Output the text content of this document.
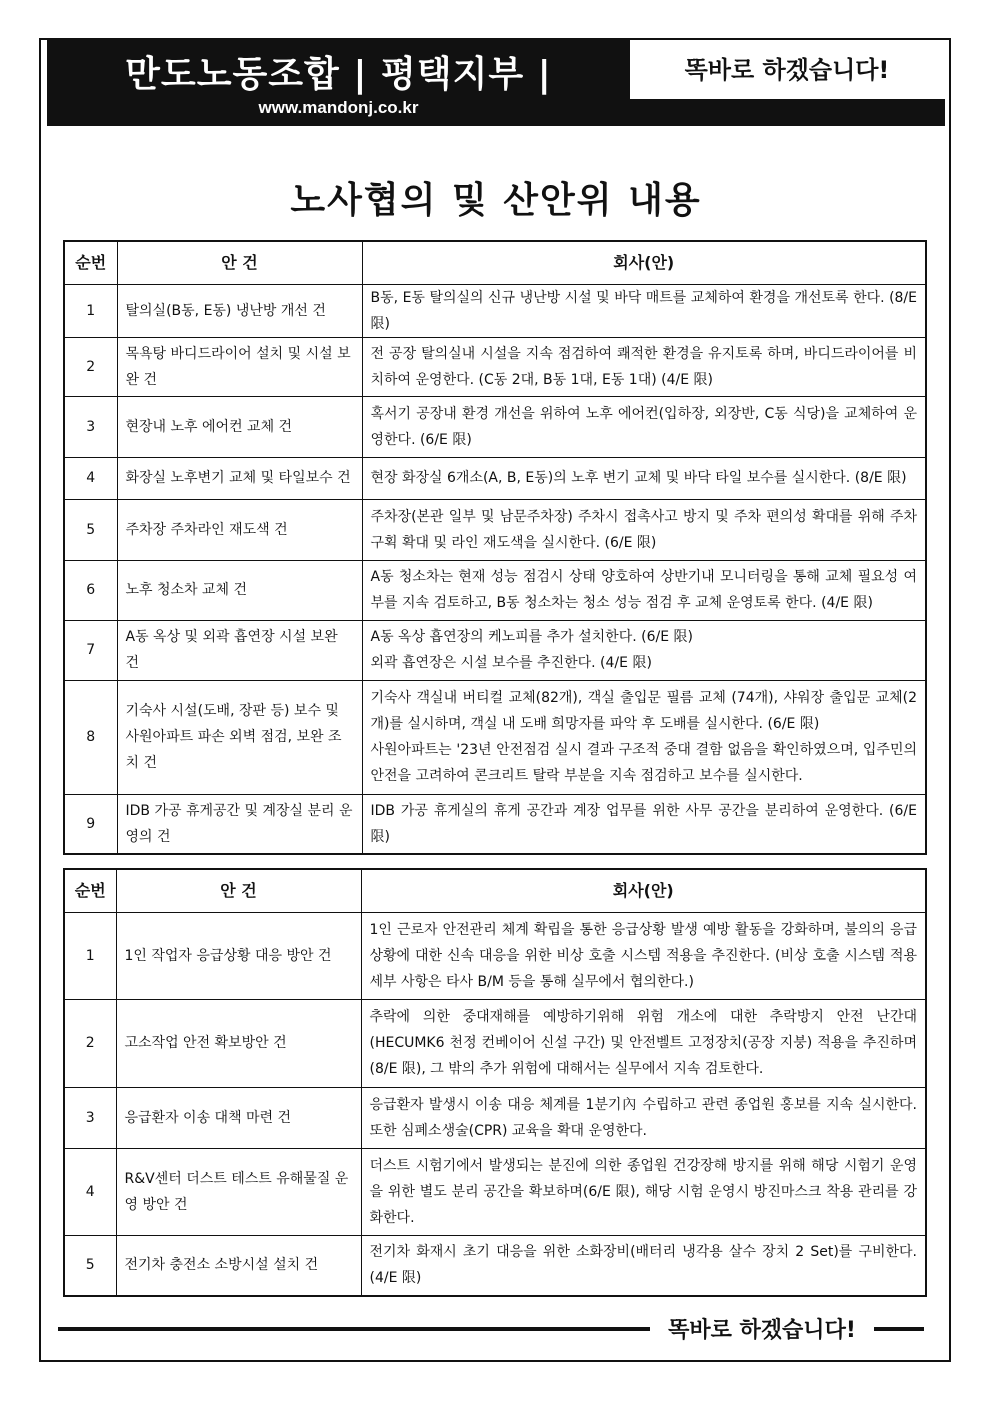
만도노동조합 | 평택지부 |
www.mandonj.co.kr
똑바로 하겠습니다!
노사협의 및 산안위 내용
순번	안 건	회사(안)
1	탈의실(B동, E동) 냉난방 개선 건	B동, E동 탈의실의 신규 냉난방 시설 및 바닥 매트를 교체하여 환경을 개선토록 한다. (8/E 限)
2	목욕탕 바디드라이어 설치 및 시설 보완 건	전 공장 탈의실내 시설을 지속 점검하여 쾌적한 환경을 유지토록 하며, 바디드라이어를 비치하여 운영한다. (C동 2대, B동 1대, E동 1대) (4/E 限)
3	현장내 노후 에어컨 교체 건	혹서기 공장내 환경 개선을 위하여 노후 에어컨(입하장, 외장반, C동 식당)을 교체하여 운영한다. (6/E 限)
4	화장실 노후변기 교체 및 타일보수 건	현장 화장실 6개소(A, B, E동)의 노후 변기 교체 및 바닥 타일 보수를 실시한다. (8/E 限)
5	주차장 주차라인 재도색 건	주차장(본관 일부 및 남문주차장) 주차시 접촉사고 방지 및 주차 편의성 확대를 위해 주차구획 확대 및 라인 재도색을 실시한다. (6/E 限)
6	노후 청소차 교체 건	A동 청소차는 현재 성능 점검시 상태 양호하여 상반기내 모니터링을 통해 교체 필요성 여부를 지속 검토하고, B동 청소차는 청소 성능 점검 후 교체 운영토록 한다. (4/E 限)
7	A동 옥상 및 외곽 흡연장 시설 보완 건	A동 옥상 흡연장의 케노피를 추가 설치한다. (6/E 限)
외곽 흡연장은 시설 보수를 추진한다. (4/E 限)

8	기숙사 시설(도배, 장판 등) 보수 및 사원아파트 파손 외벽 점검, 보완 조치 건	기숙사 객실내 버티컬 교체(82개), 객실 출입문 필름 교체 (74개), 샤워장 출입문 교체(2개)를 실시하며, 객실 내 도배 희망자를 파악 후 도배를 실시한다. (6/E 限)
사원아파트는 '23년 안전점검 실시 결과 구조적 중대 결함 없음을 확인하였으며, 입주민의 안전을 고려하여 콘크리트 탈락 부분을 지속 점검하고 보수를 실시한다.

9	IDB 가공 휴게공간 및 계장실 분리 운영의 건	IDB 가공 휴게실의 휴게 공간과 계장 업무를 위한 사무 공간을 분리하여 운영한다. (6/E限)
순번	안 건	회사(안)
1	1인 작업자 응급상황 대응 방안 건	1인 근로자 안전관리 체계 확립을 통한 응급상황 발생 예방 활동을 강화하며, 불의의 응급상황에 대한 신속 대응을 위한 비상 호출 시스템 적용을 추진한다. (비상 호출 시스템 적용 세부 사항은 타사 B/M 등을 통해 실무에서 협의한다.)
2	고소작업 안전 확보방안 건	추락에 의한 중대재해를 예방하기위해 위험 개소에 대한 추락방지 안전 난간대(HECUMK6 천정 컨베이어 신설 구간) 및 안전벨트 고정장치(공장 지붕) 적용을 추진하며(8/E 限), 그 밖의 추가 위험에 대해서는 실무에서 지속 검토한다.
3	응급환자 이송 대책 마련 건	응급환자 발생시 이송 대응 체계를 1분기內 수립하고 관련 종업원 홍보를 지속 실시한다. 또한 심폐소생술(CPR) 교육을 확대 운영한다.
4	R&V센터 더스트 테스트 유해물질 운영 방안 건	더스트 시험기에서 발생되는 분진에 의한 종업원 건강장해 방지를 위해 해당 시험기 운영을 위한 별도 분리 공간을 확보하며(6/E 限), 해당 시험 운영시 방진마스크 착용 관리를 강화한다.
5	전기차 충전소 소방시설 설치 건	전기차 화재시 초기 대응을 위한 소화장비(배터리 냉각용 살수 장치 2 Set)를 구비한다. (4/E 限)
똑바로 하겠습니다!
